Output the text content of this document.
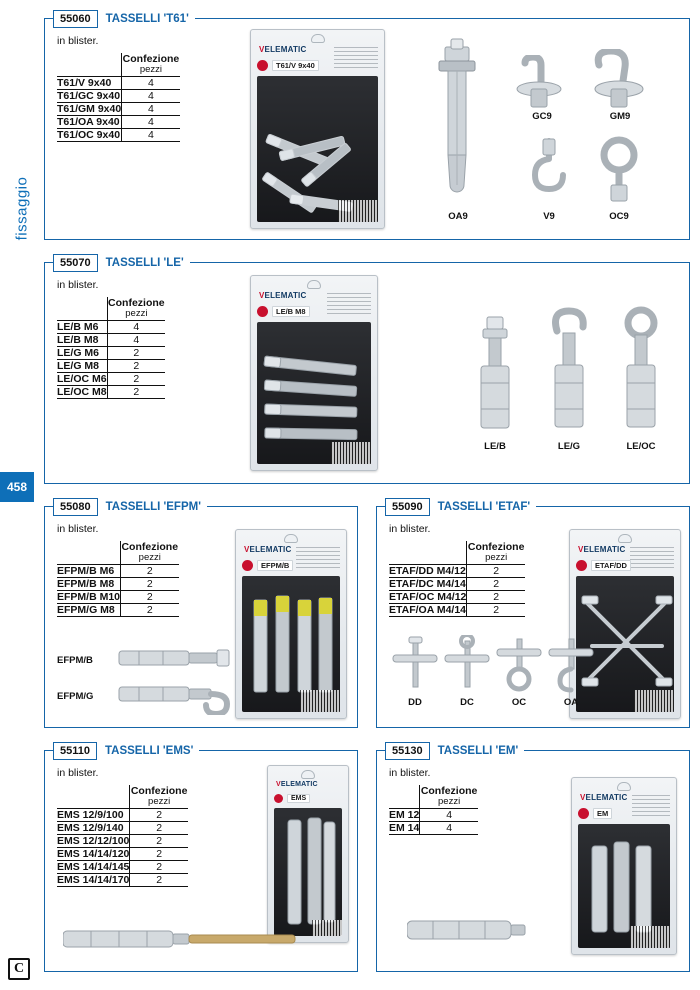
fissaggio
458
C
55060	TASSELLI 'T61'
in blister.
	Confezione
pezzi

T61/V 9x40	4
T61/GC 9x40	4
T61/GM 9x40	4
T61/OA 9x40	4
T61/OC 9x40	4
VELEMATIC
T61/V 9x40
OA9
GC9	GM9
V9	OC9
55070	TASSELLI 'LE'
in blister.
	Confezione
pezzi

LE/B M6	4
LE/B M8	4
LE/G M6	2
LE/G M8	2
LE/OC M6	2
LE/OC M8	2
VELEMATIC
LE/B M8
LE/B	LE/G	LE/OC
55080	TASSELLI 'EFPM'
in blister.
	Confezione
pezzi

EFPM/B M6	2
EFPM/B M8	2
EFPM/B M10	2
EFPM/G M8	2
VELEMATIC
EFPM/B
EFPM/B
EFPM/G
55090	TASSELLI 'ETAF'
in blister.
	Confezione
pezzi

ETAF/DD M4/12	2
ETAF/DC M4/14	2
ETAF/OC M4/12	2
ETAF/OA M4/14	2
VELEMATIC
ETAF/DD
DD	DC	OC	OA
55110	TASSELLI 'EMS'
in blister.
	Confezione
pezzi

EMS 12/9/100	2
EMS 12/9/140	2
EMS 12/12/100	2
EMS 14/14/120	2
EMS 14/14/145	2
EMS 14/14/170	2
VELEMATIC
EMS
55130	TASSELLI 'EM'
in blister.
	Confezione
pezzi

EM 12	4
EM 14	4
VELEMATIC
EM
